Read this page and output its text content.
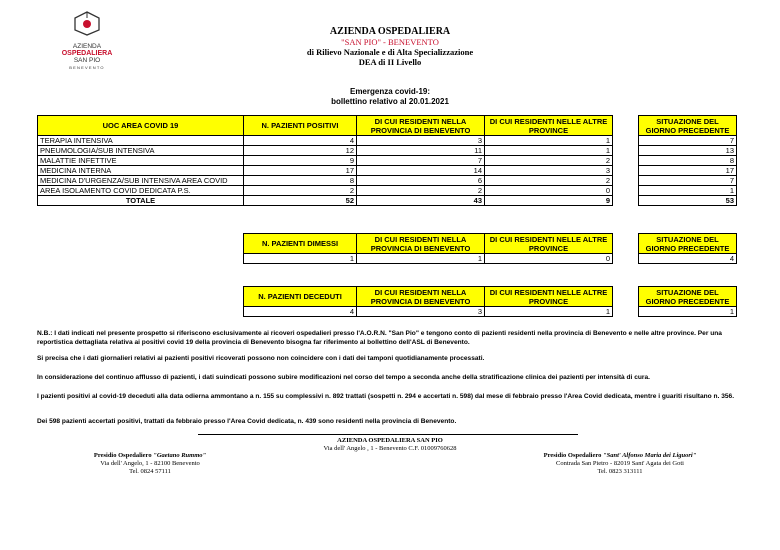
AZIENDA
OSPEDALIERA
SAN PIO
BENEVENTO
AZIENDA OSPEDALIERA
"SAN PIO" - BENEVENTO
di Rilievo Nazionale e di Alta Specializzazione
DEA di II Livello
Emergenza covid-19:
bollettino relativo al 20.01.2021
UOC AREA COVID 19	N. PAZIENTI POSITIVI	DI CUI RESIDENTI NELLA PROVINCIA DI BENEVENTO	DI CUI RESIDENTI NELLE ALTRE PROVINCE		SITUAZIONE DEL GIORNO PRECEDENTE
TERAPIA INTENSIVA	4	3	1		7
PNEUMOLOGIA/SUB INTENSIVA	12	11	1		13
MALATTIE INFETTIVE	9	7	2		8
MEDICINA INTERNA	17	14	3		17
MEDICINA D'URGENZA/SUB INTENSIVA AREA COVID	8	6	2		7
AREA ISOLAMENTO COVID DEDICATA P.S.	2	2	0		1
TOTALE	52	43	9		53
N. PAZIENTI DIMESSI	DI CUI RESIDENTI NELLA PROVINCIA DI BENEVENTO	DI CUI RESIDENTI NELLE ALTRE PROVINCE		SITUAZIONE DEL GIORNO PRECEDENTE
1	1	0		4
N. PAZIENTI DECEDUTI	DI CUI RESIDENTI NELLA PROVINCIA DI BENEVENTO	DI CUI RESIDENTI NELLE ALTRE PROVINCE		SITUAZIONE DEL GIORNO PRECEDENTE
4	3	1		1
N.B.: I dati indicati nel presente prospetto si riferiscono esclusivamente ai ricoveri ospedalieri presso l'A.O.R.N. "San Pio" e tengono conto di pazienti residenti nella provincia di Benevento e nelle altre province. Per una reportistica dettagliata relativa ai positivi covid 19 della provincia di Benevento bisogna far riferimento al bollettino dell'ASL di Benevento.
Si precisa che i dati giornalieri relativi ai pazienti positivi ricoverati possono non coincidere con i dati dei tamponi quotidianamente processati.
In considerazione del continuo afflusso di pazienti, i dati suindicati possono subire modificazioni nel corso del tempo a seconda anche della stratificazione clinica dei pazienti per intensità di cura.
I pazienti positivi al covid-19 deceduti alla data odierna ammontano a n. 155 su complessivi n. 892 trattati (sospetti n. 294 e accertati n. 598) dal mese di febbraio presso l'Area Covid dedicata, mentre i guariti risultano n. 356.
Dei 598 pazienti accertati positivi, trattati da febbraio presso l'Area Covid dedicata, n. 439 sono residenti nella provincia di Benevento.
AZIENDA OSPEDALIERA SAN PIO
Via dell' Angelo , 1 - Benevento C.F. 01009760628
Presidio Ospedaliero "Gaetano Rummo"
Via dell' Angelo, 1 - 82100 Benevento
Tel. 0824 57111
Presidio Ospedaliero "Sant' Alfonso Maria dei Liguori"
Contrada San Pietro - 82019 Sant' Agata dei Goti
Tel. 0823 313111
